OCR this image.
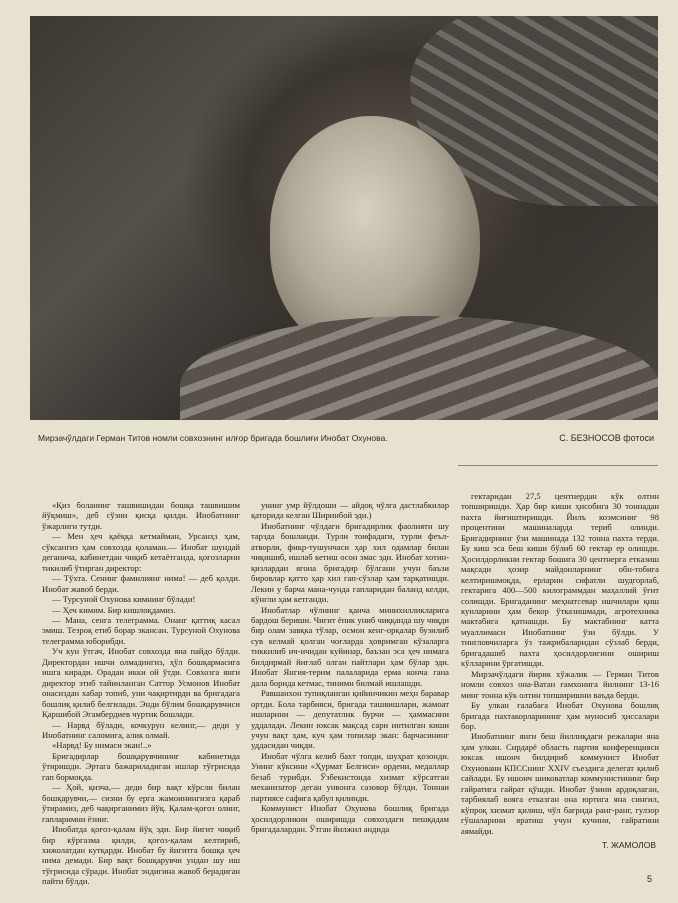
Мирзачўлдаги Герман Титов номли совхознинг илғор бригада бошлиғи Инобат Охунова.	С. БЕЗНОСОВ фотоси

«Қиз боланинг ташвишидан бошқа ташвишим йўқмиш», деб сўзни қисқа қилди. Инобатнинг ўжарлиги тутди.

— Мен ҳеч қаёққа кетмайман, Урсанҳз ҳам, сўксангиз ҳам совхозда қоламан.— Инобат шундай деганича, кабинетдан чиқиб кетаётганда, қоғозларни тикилиб ўтирган директор:

— Тўхта. Сенинг фамилиянг нима! — деб қолди. Инобат жавоб берди.

— Турсуной Охунова кимнинг бўлади!

— Ҳеч кимим. Бир кишлоқдамиз.

— Мана, сенга телеграмма. Онанг қаттиқ касал эмиш. Тезроқ етиб борар экансан. Турсуной Охунова телеграмма юборибди.

Уч кун ўтгач, Инобат совхозда яна пайдо бўлди. Директордан ишчи олмадингиз, ҳўл бошқармасига ишга киради. Орадан икки ой ўтди. Совхозга янги директор этиб тайинланган Саттор Усмонов Инобат онасиздан хабар топиб, уни чақиртирди ва бригадага бошлиқ қилиб белгилади. Энди бўлим бошқарувчиси Қаршибой Эгамбердиев чуртик бошлади.

— Нарвд бўлади, кочкурун келинг,— деди у Инобатнинг саломига, алик олмай.

«Нарвд! Бу нимаси экан!..»

Бригадирлар бошқарувчининг кабинетида ўтиришди. Эртага бажариладиган ишлар тўғрисида гап бормоқда.

— Ҳой, қизча,— деди бир вақт кўрсли билан бошқарувчи,— сизни бу ерга жамоинингизга қараб ўтирамиз, деб чақирганимиз йўқ. Қалам-қоғоз олинг, гапларимни ёзинг.

Инобатда қоғоз-қалам йўқ эди. Бир йигит чиқиб бир кўргазма қилди, қоғоз-қалам келтириб, хижолатдан кутқарди. Инобат бу йигитга бошқа ҳеч нима демади. Бир вақт бошқарувчи ундан шу иш тўғрисида сўради. Инобат эндигина жавоб берадиган пайти бўлди.

унинг умр йўлдоши — айдоқ чўлга дастлабкилар қаторида келган Ширинбой эди.)

Инобатнинг чўлдаги бригадирлик фаолияти шу тарзда бошланди. Турли тоифадаги, турли феъл-атворли, фикр-тушунчаси ҳар хил одамлар билан чиқишиб, ишлаб кетиш осон эмас эди. Инобат хотин-қизлардан ягона бригадир бўлгани учун баъзи бировлар қатто ҳар хил гап-сўзлар ҳам тарқатишди. Лекин у барча мана-чунда гапларидан баланд келди, кўнгли ҳам кетганди.

Инобатлар чўлнинг қанча минихилликларига бардош бериши. Чигит ёпик униб чиққанда шу чиқди бир олам завқка тўлар, осмон кенг-орқалар бузилиб сув келмай қолган чоғларда ҳовримган кўзаларга тиккилиб ич-ичидан куйинар, баъзан эса ҳеч нимага билдирмай йиғлаб олган пайтлари ҳам бўлар эди. Инобат Янгия-терим палаларида ерма конча гана дала борида кетмас, тинимн билмай ишлашди.

Равшанхон тупиқланган қийинчикин меҳн баравар ортди. Бола тарбияси, бригада ташвишлари, жамоат ишларини — депутатлик бурчи — ҳаммасини уддалади. Лекин юксак мақсад сари интилган киши учун вақт ҳам, куч ҳам топилар экан: барчасининг уддасидан чиқди.

Инобат чўлга келиб бахт топди, шуҳрат қозонди. Унинг кўксини «Ҳурмат Белгиси» ордени, медаллар безаб турибди. Ўзбекистонда хизмат кўрсатган механизатор деган унвонга сазовор бўлди. Тоннаи партиясе сафига қабул қилинди.

Коммунист Инобат Охунова бошлиқ бригада ҳосилдорликни оширишда совхоздаги пешқадам бригадалардан. Ўтган йилжил андида

гектаридан 27,5 центнердан кўк олтин топширишди. Ҳар бир киши ҳисобига 30 тоннадан пахта йиғиштиришди. Йилъ коэмсиниг 98 процентини машиналарда териб олинди. Бригадирнинг ўзи машинада 132 тонна пахта терди. Бу киш эса беш киши бўлиб 60 гектар ер олишди. Ҳосилдорликни гектар бошига 30 центнерга етказиш мақсади ҳозир майдонларнинг обн-тобига келтиришмоқда, ерларни сифатли шудгорлаб, гектарига 400—500 килограммдан маҳаллий ўғит солишди. Бригаданинг меҳнатсевар ишчилари қиш кунларини ҳам бекор ўтказишмади, агротехника мактабига қатнашди. Бу мактабнинг катта муаллимаси Инобатнинг ўзи бўлди. У тингловчиларга ўз тажрибаларидан сўзлаб берди, бригадашиб пахта ҳосилдорлигини ошириш кўлларини ўргатишди.

Мирзачўлдаги йирик хўжалик — Герман Титов номли совхоз она-Ватан ғамхонига йилнинг 13-16 минг тонна кўк олтин топширишни ваъда берди.

Бу улкан ғалабага Инобат Охунова бошлиқ бригада пахтакорларининг ҳам муносиб ҳиссалари бор.

Инобатнинг янги беш йиллиқдаги режалари яна ҳам улкан. Сирдарё область партия конференцияси юксак ишонч билдириб коммунист Инобат Охуновани КПССнинг XXIV съездига делегат қилиб сайлади. Бу ишонч шиковатлар коммунистининг бир гайратига гайрат қўшди. Инобат ўзини ардоқлаган, тарбиялаб вояга етказган она юртига яна сингил, кўпроқ хизмат қилиш, чўл бағрида ранг-ранг, гулзор гўшаларини яратиш учун кучини, гайратини аямайди.

Т. ЖАМОЛОВ
5
